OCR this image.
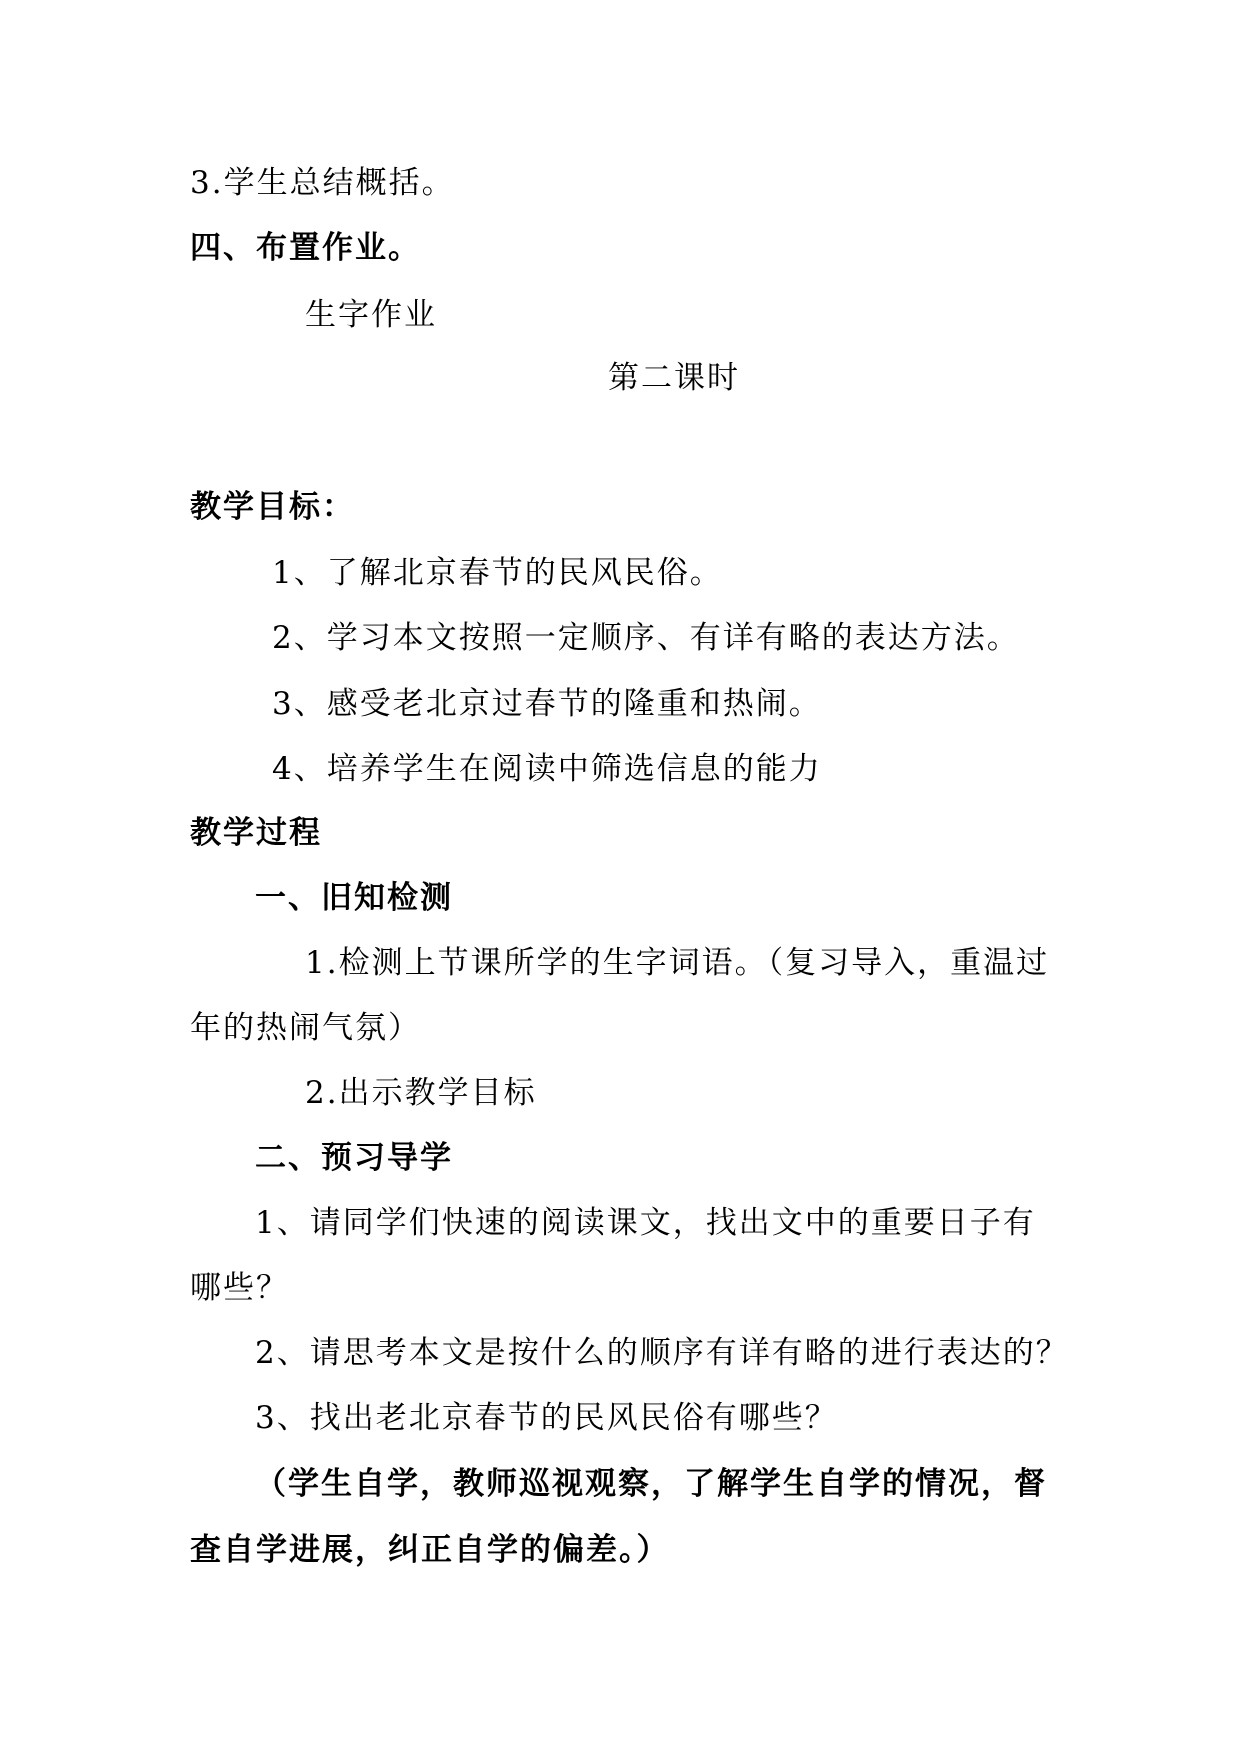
3.学生总结概括。
四、布置作业。
生字作业
第二课时
教学目标：
1、了解北京春节的民风民俗。
2、学习本文按照一定顺序、有详有略的表达方法。
3、感受老北京过春节的隆重和热闹。
4、培养学生在阅读中筛选信息的能力
教学过程
一、旧知检测
1.检测上节课所学的生字词语。（复习导入，重温过
年的热闹气氛）
2.出示教学目标
二、预习导学
1、请同学们快速的阅读课文，找出文中的重要日子有
哪些？
2、请思考本文是按什么的顺序有详有略的进行表达的？
3、找出老北京春节的民风民俗有哪些？
（学生自学，教师巡视观察，了解学生自学的情况，督
查自学进展，纠正自学的偏差。）
